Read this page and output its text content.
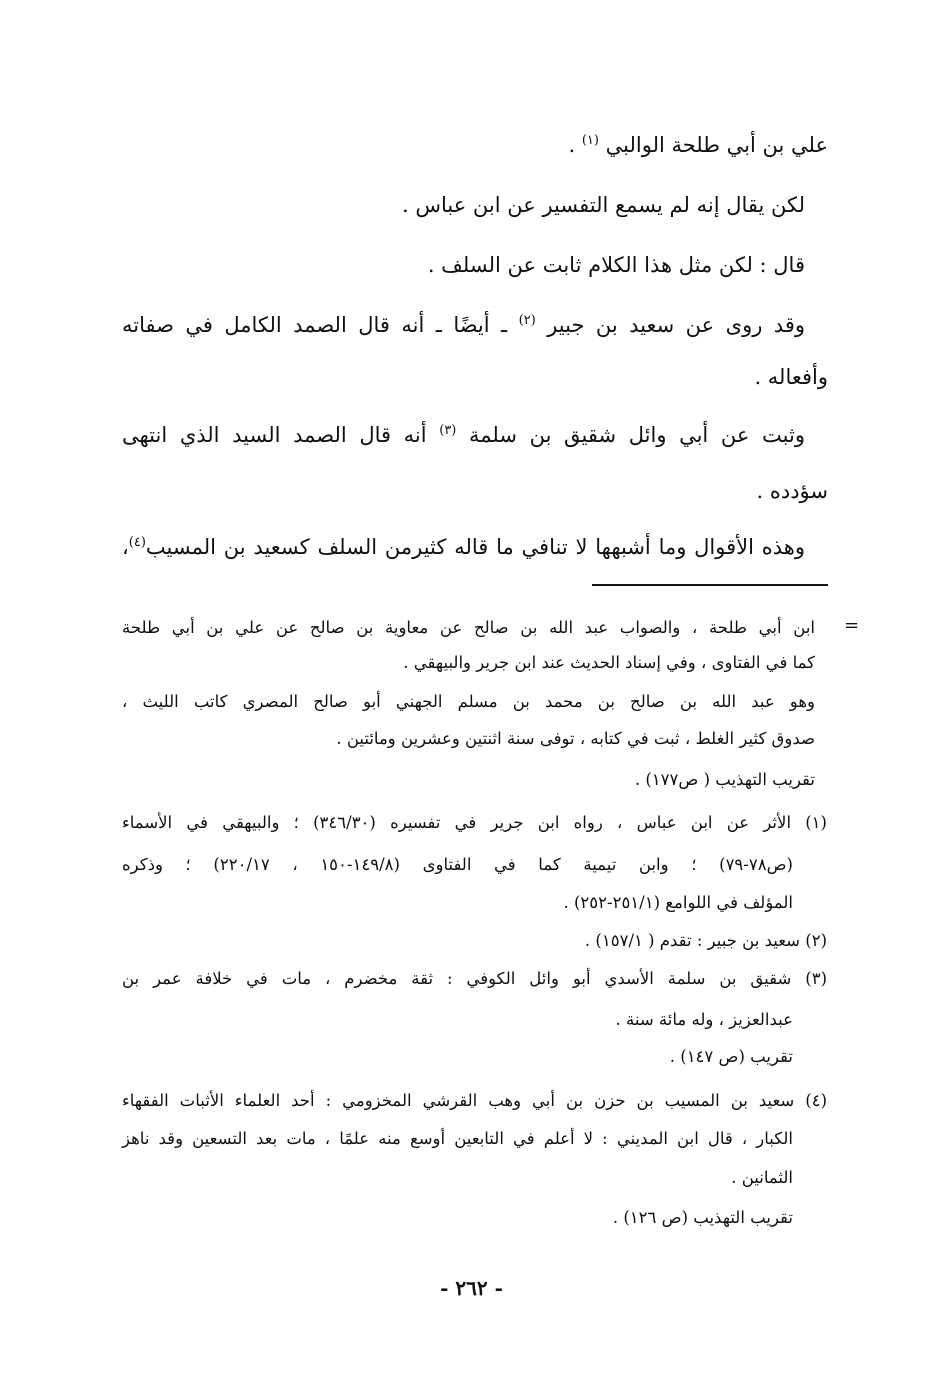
علي بن أبي طلحة الوالبي $^{(١)}$ .
لكن يقال إنه لم يسمع التفسير عن ابن عباس .
قال : لكن مثل هذا الكلام ثابت عن السلف .
وقد روى عن سعيد بن جبير $^{(٢)}$ ـ أيضًا ـ أنه قال الصمد الكامل في صفاته
وأفعاله .
وثبت عن أبي وائل شقيق بن سلمة $^{(٣)}$ أنه قال الصمد السيد الذي انتهى
سؤدده .
وهذه الأقوال وما أشبهها لا تنافي ما قاله كثيرمن السلف كسعيد بن المسيب$^{(٤)}$،
=
ابن أبي طلحة ، والصواب عبد الله بن صالح عن معاوية بن صالح عن علي بن أبي طلحة
كما في الفتاوى ، وفي إسناد الحديث عند ابن جرير والبيهقي .
وهو عبد الله بن صالح بن محمد بن مسلم الجهني أبو صالح المصري كاتب الليث ،
صدوق كثير الغلط ، ثبت في كتابه ، توفى سنة اثنتين وعشرين ومائتين .
تقريب التهذيب ( ص١٧٧) .
(١) الأثر عن ابن عباس ، رواه ابن جرير في تفسيره (٣٤٦/٣٠) ؛ والبيهقي في الأسماء
(ص٧٨-٧٩) ؛ وابن تيمية كما في الفتاوى (١٤٩/٨-١٥٠ ، ٢٢٠/١٧) ؛ وذكره
المؤلف في اللوامع (٢٥١/١-٢٥٢) .
(٢) سعيد بن جبير : تقدم ( ١٥٧/١) .
(٣) شقيق بن سلمة الأسدي أبو وائل الكوفي : ثقة مخضرم ، مات في خلافة عمر بن
عبدالعزيز ، وله مائة سنة .
تقريب (ص ١٤٧) .
(٤) سعيد بن المسيب بن حزن بن أبي وهب القرشي المخزومي : أحد العلماء الأثبات الفقهاء
الكبار ، قال ابن المديني : لا أعلم في التابعين أوسع منه علمًا ، مات بعد التسعين وقد ناهز
الثمانين .
تقريب التهذيب (ص ١٢٦) .
- ٢٦٢ -
